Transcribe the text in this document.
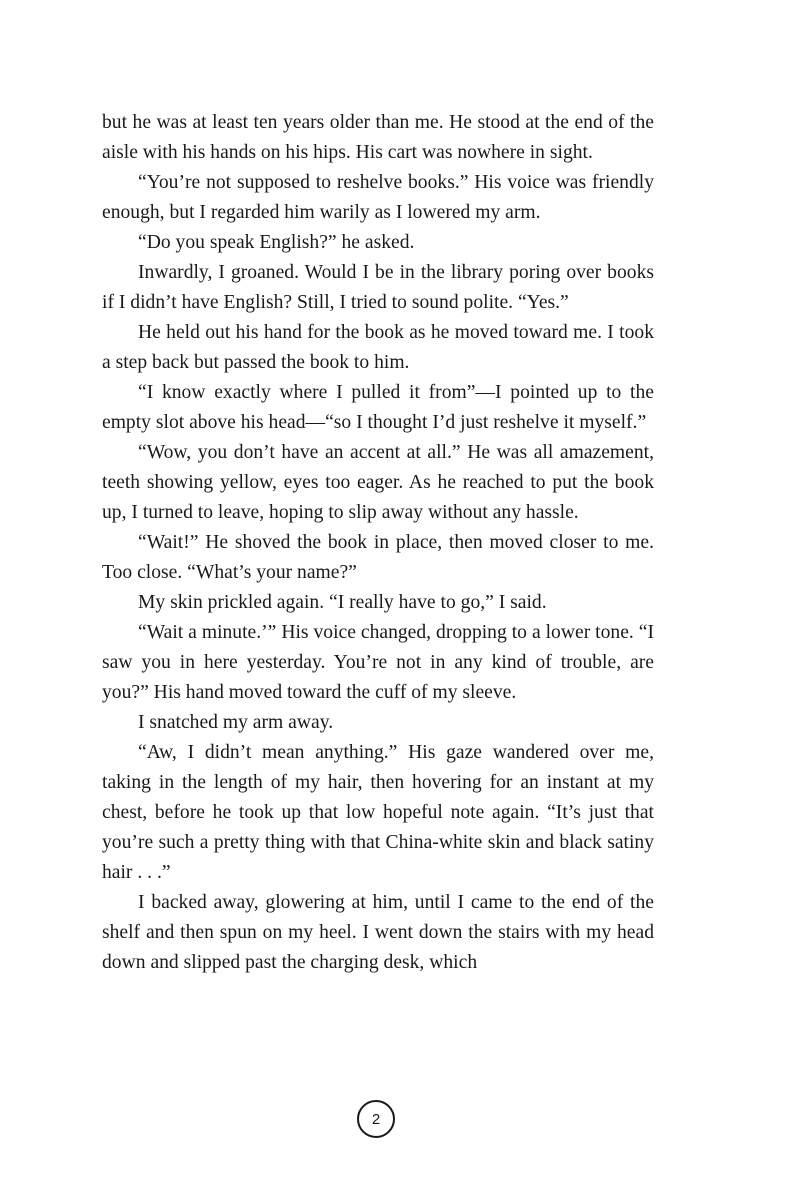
but he was at least ten years older than me. He stood at the end of the aisle with his hands on his hips. His cart was nowhere in sight.

“You’re not supposed to reshelve books.” His voice was friendly enough, but I regarded him warily as I lowered my arm.

“Do you speak English?” he asked.

Inwardly, I groaned. Would I be in the library poring over books if I didn’t have English? Still, I tried to sound polite. “Yes.”

He held out his hand for the book as he moved toward me. I took a step back but passed the book to him.

“I know exactly where I pulled it from”—I pointed up to the empty slot above his head—“so I thought I’d just reshelve it myself.”

“Wow, you don’t have an accent at all.” He was all amazement, teeth showing yellow, eyes too eager. As he reached to put the book up, I turned to leave, hoping to slip away without any hassle.

“Wait!” He shoved the book in place, then moved closer to me. Too close. “What’s your name?”

My skin prickled again. “I really have to go,” I said.

“Wait a minute.’” His voice changed, dropping to a lower tone. “I saw you in here yesterday. You’re not in any kind of trouble, are you?” His hand moved toward the cuff of my sleeve.

I snatched my arm away.

“Aw, I didn’t mean anything.” His gaze wandered over me, taking in the length of my hair, then hovering for an instant at my chest, before he took up that low hopeful note again. “It’s just that you’re such a pretty thing with that China-white skin and black satiny hair . . .”

I backed away, glowering at him, until I came to the end of the shelf and then spun on my heel. I went down the stairs with my head down and slipped past the charging desk, which

2
